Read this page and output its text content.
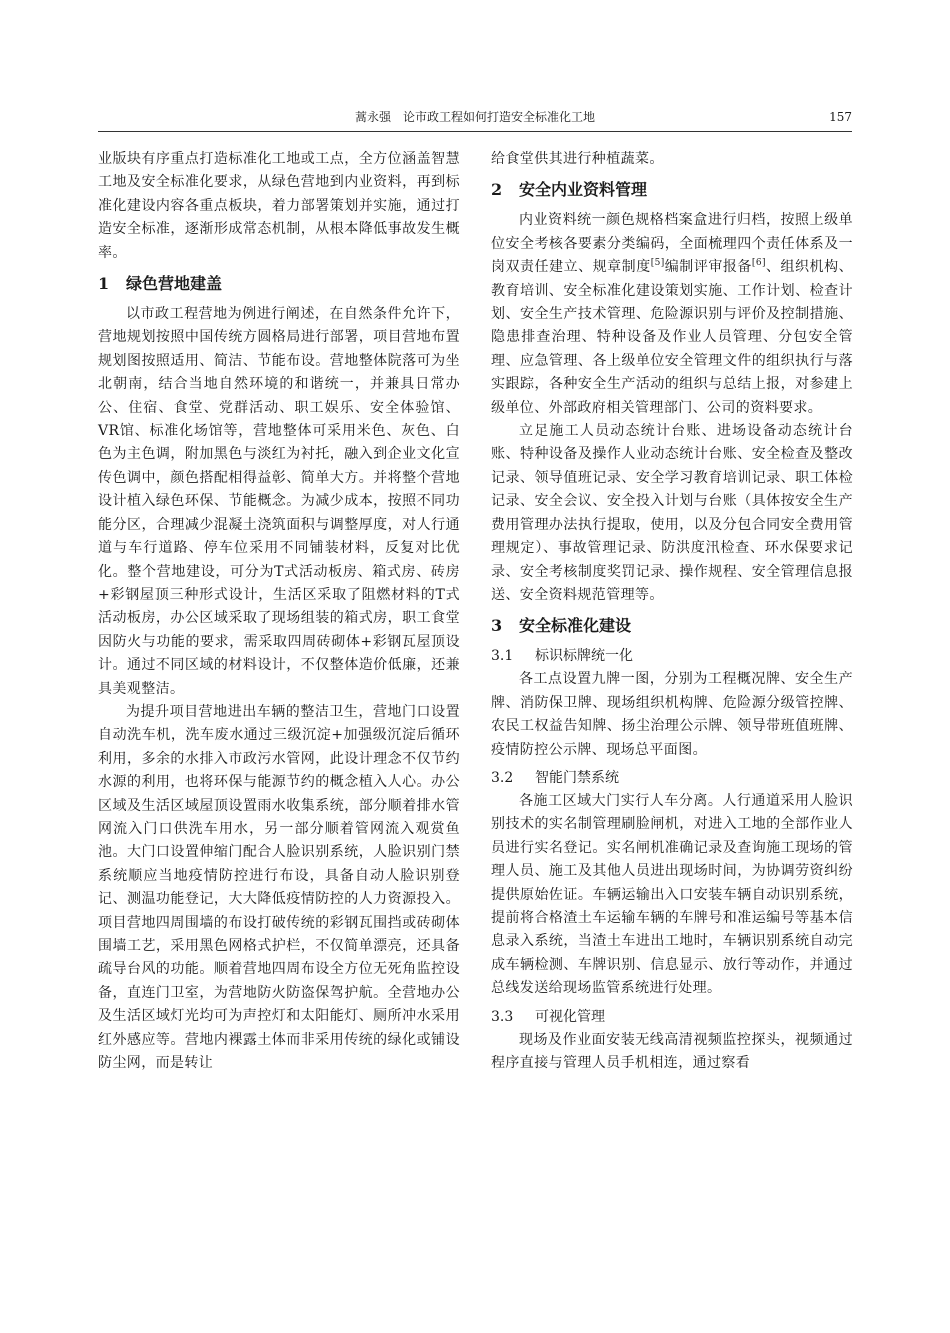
蒿永强　论市政工程如何打造安全标准化工地	157

业版块有序重点打造标准化工地或工点，全方位涵盖智慧工地及安全标准化要求，从绿色营地到内业资料，再到标准化建设内容各重点板块，着力部署策划并实施，通过打造安全标准，逐渐形成常态机制，从根本降低事故发生概率。

1 绿色营地建盖

以市政工程营地为例进行阐述，在自然条件允许下，营地规划按照中国传统方圆格局进行部署，项目营地布置规划图按照适用、简洁、节能布设。营地整体院落可为坐北朝南，结合当地自然环境的和谐统一，并兼具日常办公、住宿、食堂、党群活动、职工娱乐、安全体验馆、VR馆、标准化场馆等，营地整体可采用米色、灰色、白色为主色调，附加黑色与淡红为衬托，融入到企业文化宣传色调中，颜色搭配相得益彰、简单大方。并将整个营地设计植入绿色环保、节能概念。为减少成本，按照不同功能分区，合理减少混凝土浇筑面积与调整厚度，对人行通道与车行道路、停车位采用不同铺装材料，反复对比优化。整个营地建设，可分为T式活动板房、箱式房、砖房+彩钢屋顶三种形式设计，生活区采取了阻燃材料的T式活动板房，办公区域采取了现场组装的箱式房，职工食堂因防火与功能的要求，需采取四周砖砌体+彩钢瓦屋顶设计。通过不同区域的材料设计，不仅整体造价低廉，还兼具美观整洁。

为提升项目营地进出车辆的整洁卫生，营地门口设置自动洗车机，洗车废水通过三级沉淀+加强级沉淀后循环利用，多余的水排入市政污水管网，此设计理念不仅节约水源的利用，也将环保与能源节约的概念植入人心。办公区域及生活区域屋顶设置雨水收集系统，部分顺着排水管网流入门口供洗车用水，另一部分顺着管网流入观赏鱼池。大门口设置伸缩门配合人脸识别系统，人脸识别门禁系统顺应当地疫情防控进行布设，具备自动人脸识别登记、测温功能登记，大大降低疫情防控的人力资源投入。项目营地四周围墙的布设打破传统的彩钢瓦围挡或砖砌体围墙工艺，采用黑色网格式护栏，不仅简单漂亮，还具备疏导台风的功能。顺着营地四周布设全方位无死角监控设备，直连门卫室，为营地防火防盗保驾护航。全营地办公及生活区域灯光均可为声控灯和太阳能灯、厕所冲水采用红外感应等。营地内裸露土体而非采用传统的绿化或铺设防尘网，而是转让

给食堂供其进行种植蔬菜。

2 安全内业资料管理

内业资料统一颜色规格档案盒进行归档，按照上级单位安全考核各要素分类编码，全面梳理四个责任体系及一岗双责任建立、规章制度[5]编制评审报备[6]、组织机构、教育培训、安全标准化建设策划实施、工作计划、检查计划、安全生产技术管理、危险源识别与评价及控制措施、隐患排查治理、特种设备及作业人员管理、分包安全管理、应急管理、各上级单位安全管理文件的组织执行与落实跟踪，各种安全生产活动的组织与总结上报，对参建上级单位、外部政府相关管理部门、公司的资料要求。

立足施工人员动态统计台账、进场设备动态统计台账、特种设备及操作人业动态统计台账、安全检查及整改记录、领导值班记录、安全学习教育培训记录、职工体检记录、安全会议、安全投入计划与台账（具体按安全生产费用管理办法执行提取，使用，以及分包合同安全费用管理规定）、事故管理记录、防洪度汛检查、环水保要求记录、安全考核制度奖罚记录、操作规程、安全管理信息报送、安全资料规范管理等。

3 安全标准化建设
3.1 标识标牌统一化

各工点设置九牌一图，分别为工程概况牌、安全生产牌、消防保卫牌、现场组织机构牌、危险源分级管控牌、农民工权益告知牌、扬尘治理公示牌、领导带班值班牌、疫情防控公示牌、现场总平面图。

3.2 智能门禁系统

各施工区域大门实行人车分离。人行通道采用人脸识别技术的实名制管理刷脸闸机，对进入工地的全部作业人员进行实名登记。实名闸机准确记录及查询施工现场的管理人员、施工及其他人员进出现场时间，为协调劳资纠纷提供原始佐证。车辆运输出入口安装车辆自动识别系统，提前将合格渣土车运输车辆的车牌号和准运编号等基本信息录入系统，当渣土车进出工地时，车辆识别系统自动完成车辆检测、车牌识别、信息显示、放行等动作，并通过总线发送给现场监管系统进行处理。

3.3 可视化管理

现场及作业面安装无线高清视频监控探头，视频通过程序直接与管理人员手机相连，通过察看
